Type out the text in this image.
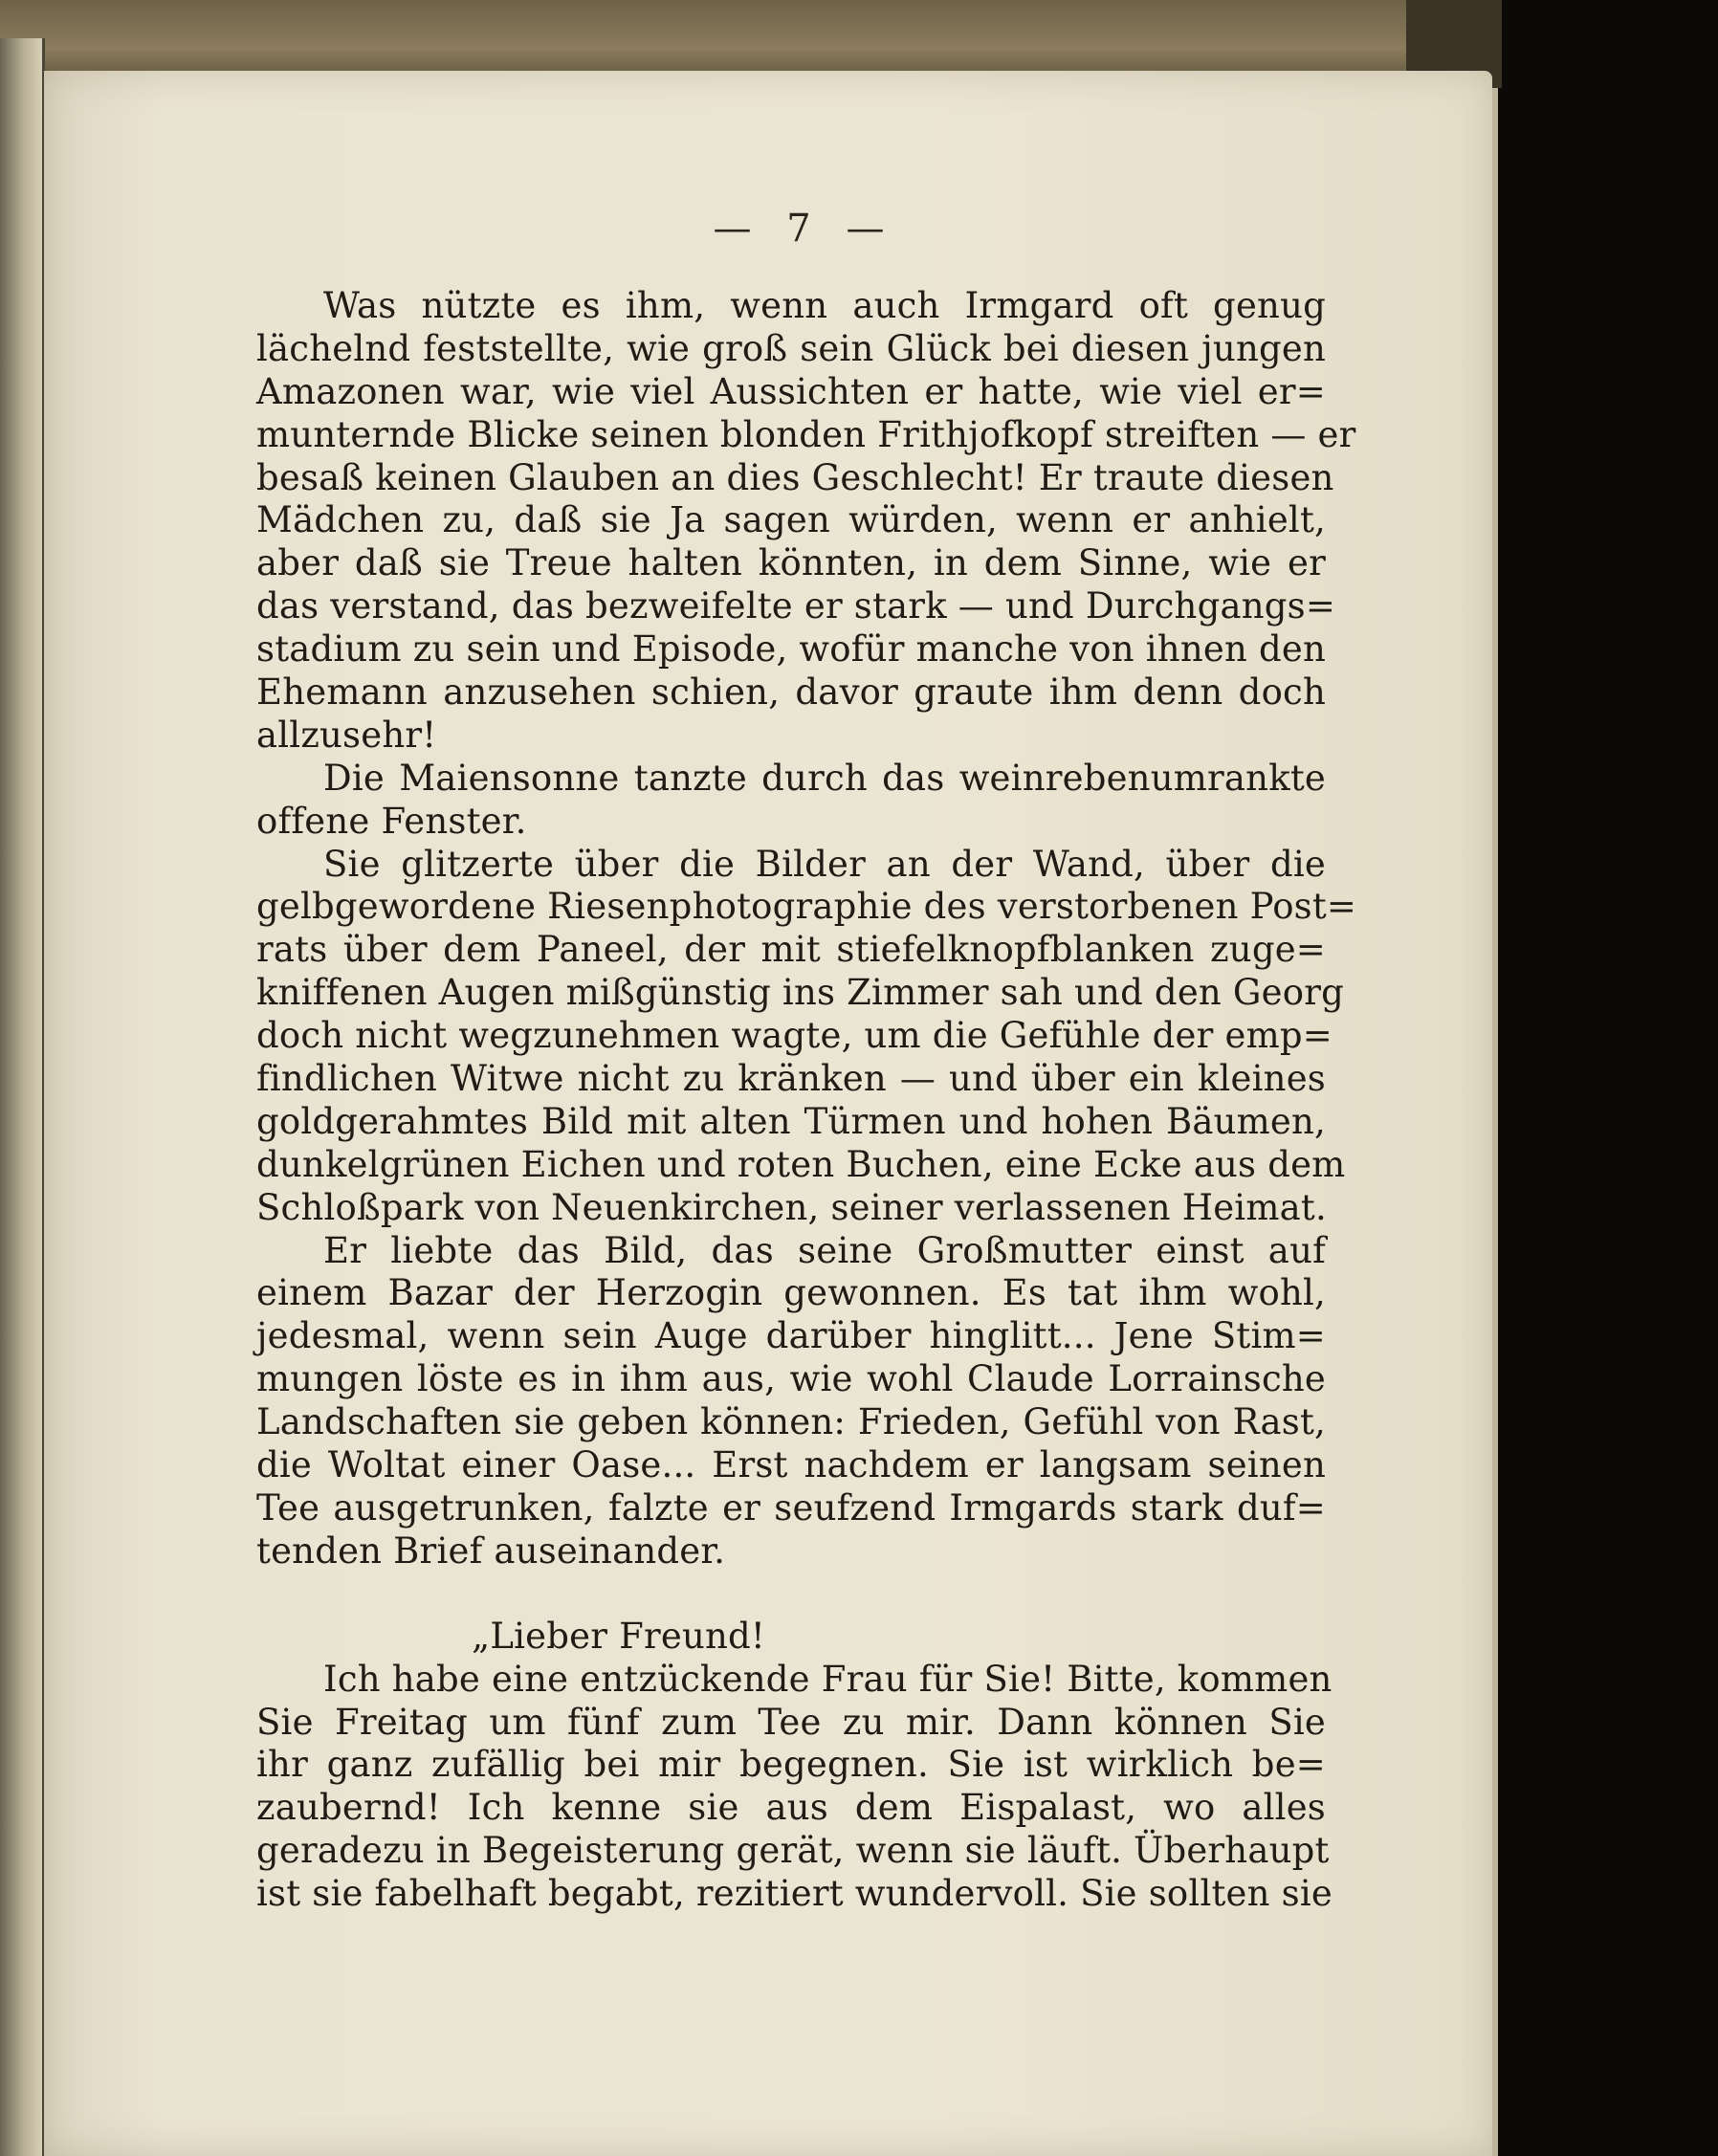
— 7 —
Was nützte es ihm, wenn auch Irmgard oft genug
lächelnd feststellte, wie groß sein Glück bei diesen jungen
Amazonen war, wie viel Aussichten er hatte, wie viel er=
munternde Blicke seinen blonden Frithjofkopf streiften — er
besaß keinen Glauben an dies Geschlecht! Er traute diesen
Mädchen zu, daß sie Ja sagen würden, wenn er anhielt,
aber daß sie Treue halten könnten, in dem Sinne, wie er
das verstand, das bezweifelte er stark — und Durchgangs=
stadium zu sein und Episode, wofür manche von ihnen den
Ehemann anzusehen schien, davor graute ihm denn doch
allzusehr!
Die Maiensonne tanzte durch das weinrebenumrankte
offene Fenster.
Sie glitzerte über die Bilder an der Wand, über die
gelbgewordene Riesenphotographie des verstorbenen Post=
rats über dem Paneel, der mit stiefelknopfblanken zuge=
kniffenen Augen mißgünstig ins Zimmer sah und den Georg
doch nicht wegzunehmen wagte, um die Gefühle der emp=
findlichen Witwe nicht zu kränken — und über ein kleines
goldgerahmtes Bild mit alten Türmen und hohen Bäumen,
dunkelgrünen Eichen und roten Buchen, eine Ecke aus dem
Schloßpark von Neuenkirchen, seiner verlassenen Heimat.
Er liebte das Bild, das seine Großmutter einst auf
einem Bazar der Herzogin gewonnen. Es tat ihm wohl,
jedesmal, wenn sein Auge darüber hinglitt... Jene Stim=
mungen löste es in ihm aus, wie wohl Claude Lorrainsche
Landschaften sie geben können: Frieden, Gefühl von Rast,
die Woltat einer Oase... Erst nachdem er langsam seinen
Tee ausgetrunken, falzte er seufzend Irmgards stark duf=
tenden Brief auseinander.
„Lieber Freund!
Ich habe eine entzückende Frau für Sie! Bitte, kommen
Sie Freitag um fünf zum Tee zu mir. Dann können Sie
ihr ganz zufällig bei mir begegnen. Sie ist wirklich be=
zaubernd! Ich kenne sie aus dem Eispalast, wo alles
geradezu in Begeisterung gerät, wenn sie läuft. Überhaupt
ist sie fabelhaft begabt, rezitiert wundervoll. Sie sollten sie
